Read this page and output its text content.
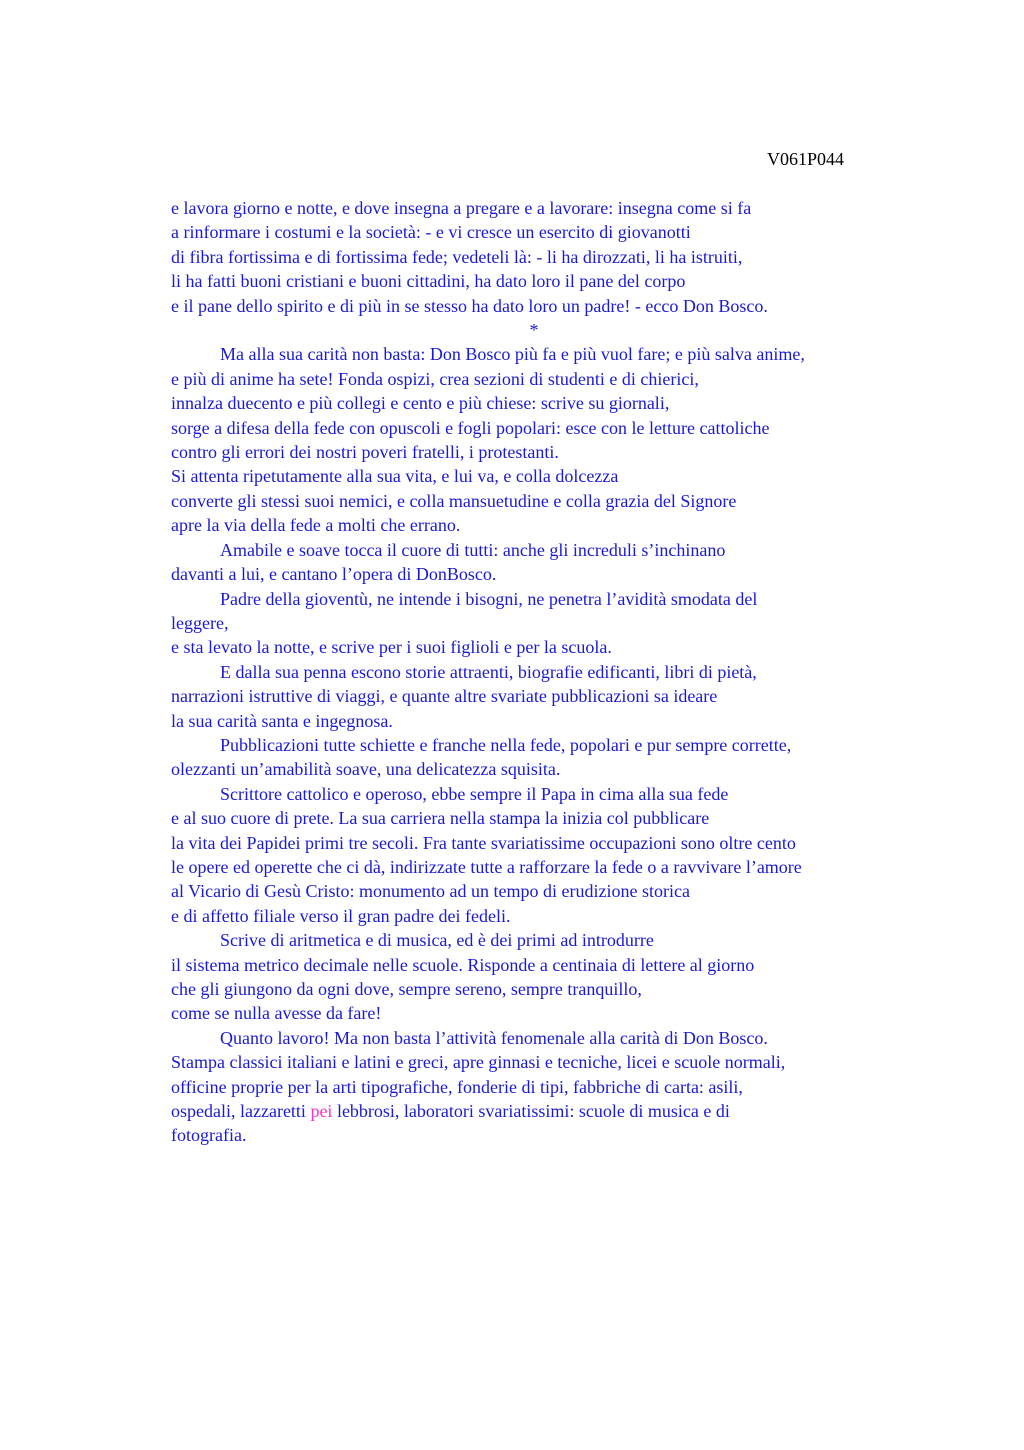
V061P044
e lavora giorno e notte, e dove insegna a pregare e a lavorare: insegna come si fa
a rinformare i costumi e la società: - e vi cresce un esercito di giovanotti
di fibra fortissima e di fortissima fede; vedeteli là: - li ha dirozzati, li ha istruiti,
li ha fatti buoni cristiani e buoni cittadini, ha dato loro il pane del corpo
e il pane dello spirito e di più in se stesso ha dato loro un padre! - ecco Don Bosco.
*
Ma alla sua carità non basta: Don Bosco più fa e più vuol fare; e più salva anime,
e più di anime ha sete! Fonda ospizi, crea sezioni di studenti e di chierici,
innalza duecento e più collegi e cento e più chiese: scrive su giornali,
sorge a difesa della fede con opuscoli e fogli popolari: esce con le letture cattoliche
contro gli errori dei nostri poveri fratelli, i protestanti.
Si attenta ripetutamente alla sua vita, e lui va, e colla dolcezza
converte gli stessi suoi nemici, e colla mansuetudine e colla grazia del Signore
apre la via della fede a molti che errano.
Amabile e soave tocca il cuore di tutti: anche gli increduli s’inchinano
davanti a lui, e cantano l’opera di DonBosco.
Padre della gioventù, ne intende i bisogni, ne penetra l’avidità smodata del
leggere,
e sta levato la notte, e scrive per i suoi figlioli e per la scuola.
E dalla sua penna escono storie attraenti, biografie edificanti, libri di pietà,
narrazioni istruttive di viaggi, e quante altre svariate pubblicazioni sa ideare
la sua carità santa e ingegnosa.
Pubblicazioni tutte schiette e franche nella fede, popolari e pur sempre corrette,
olezzanti un’amabilità soave, una delicatezza squisita.
Scrittore cattolico e operoso, ebbe sempre il Papa in cima alla sua fede
e al suo cuore di prete. La sua carriera nella stampa la inizia col pubblicare
la vita dei Papidei primi tre secoli. Fra tante svariatissime occupazioni sono oltre cento
le opere ed operette che ci dà, indirizzate tutte a rafforzare la fede o a ravvivare l’amore
al Vicario di Gesù Cristo: monumento ad un tempo di erudizione storica
e di affetto filiale verso il gran padre dei fedeli.
Scrive di aritmetica e di musica, ed è dei primi ad introdurre
il sistema metrico decimale nelle scuole. Risponde a centinaia di lettere al giorno
che gli giungono da ogni dove, sempre sereno, sempre tranquillo,
come se nulla avesse da fare!
Quanto lavoro! Ma non basta l’attività fenomenale alla carità di Don Bosco.
Stampa classici italiani e latini e greci, apre ginnasi e tecniche, licei e scuole normali,
officine proprie per la arti tipografiche, fonderie di tipi, fabbriche di carta: asili,
ospedali, lazzaretti pei lebbrosi, laboratori svariatissimi: scuole di musica e di
fotografia.
